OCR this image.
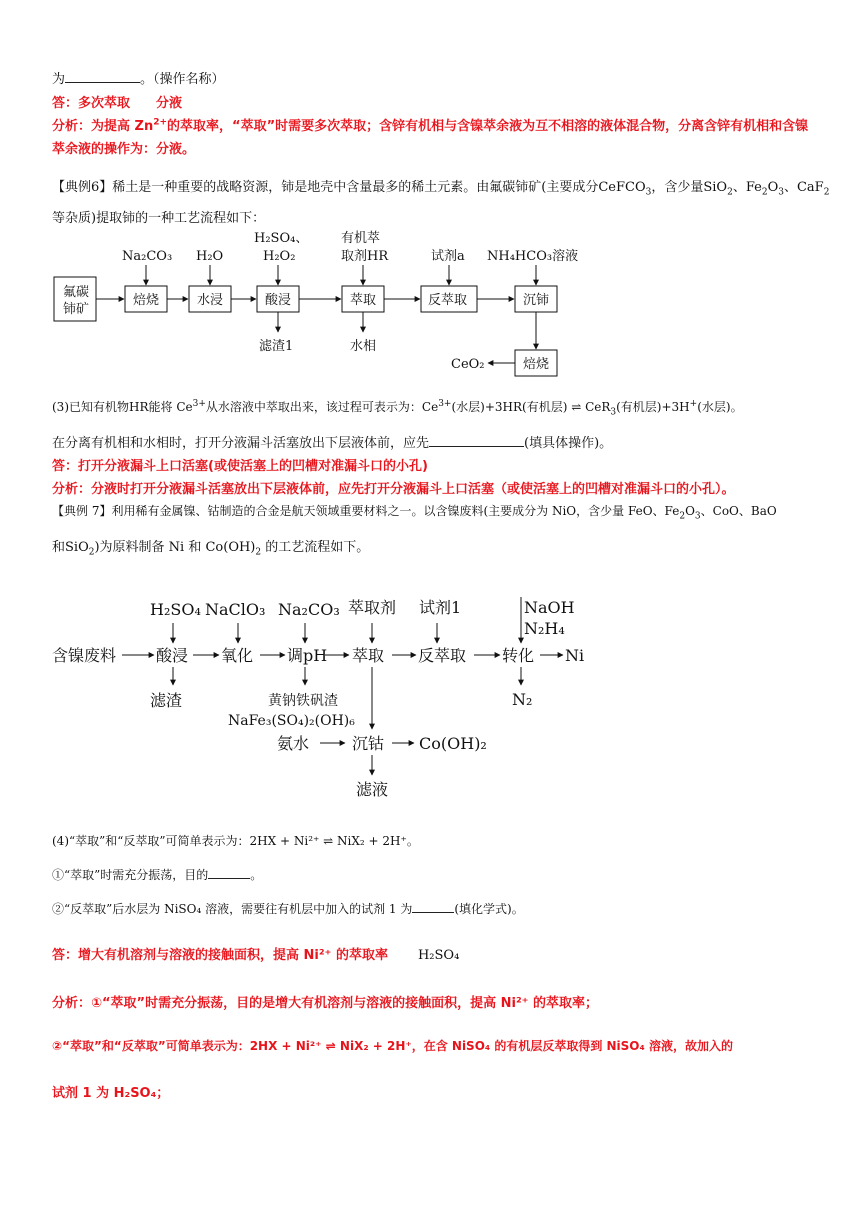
为	。（操作名称）
答：多次萃取　　分液
分析：为提高 $Zn^{2+}$的萃取率，“萃取”时需要多次萃取；含锌有机相与含镍萃余液为互不相溶的液体混合物，分离含锌有机相和含镍
萃余液的操作为：分液。
【典例6】稀土是一种重要的战略资源，铈是地壳中含量最多的稀土元素。由氟碳铈矿(主要成分CeFCO$_3$，含少量SiO$_2$、$Fe_2O_3$、CaF$_2$
等杂质)提取铈的一种工艺流程如下：
氟碳
铈矿
焙烧	水浸	酸浸	萃取	反萃取	沉铈
焙烧
Na₂CO₃ H₂O
H₂SO₄、
H₂O₂
有机萃
取剂HR	试剂a NH₄HCO₃溶液
滤渣1	水相
CeO₂
(3)已知有机物HR能将 $Ce^{3+}$从水溶液中萃取出来，该过程可表示为：$Ce^{3+}$(水层)+3HR(有机层) ⇌ CeR$_3$(有机层)+3H+(水层)。
在分离有机相和水相时，打开分液漏斗活塞放出下层液体前，应先	(填具体操作)。
答：打开分液漏斗上口活塞(或使活塞上的凹槽对准漏斗口的小孔)
分析：分液时打开分液漏斗活塞放出下层液体前，应先打开分液漏斗上口活塞（或使活塞上的凹槽对准漏斗口的小孔）。
【典例 7】利用稀有金属镍、钴制造的合金是航天领域重要材料之一。以含镍废料(主要成分为 NiO，含少量 FeO、$Fe_2O_3$、CoO、BaO
和SiO$_2$)为原料制备 Ni 和 $Co(OH)_2$ 的工艺流程如下。
含镍废料 酸浸 氧化 调pH 萃取 反萃取 转化 Ni
H₂SO₄ NaClO₃ Na₂CO₃ 萃取剂 试剂1	NaOH
N₂H₄
滤渣	黄钠铁矾渣
NaFe₃(SO₄)₂(OH)₆
N₂
氨水	沉钴 Co(OH)₂
滤液
(4)“萃取”和“反萃取”可简单表示为：2HX + Ni²⁺ ⇌ NiX₂ + 2H⁺。
①“萃取”时需充分振荡，目的	。
②“反萃取”后水层为 NiSO₄ 溶液，需要往有机层中加入的试剂 1 为	(填化学式)。
答：增大有机溶剂与溶液的接触面积，提高 Ni²⁺ 的萃取率 H₂SO₄
分析：①“萃取”时需充分振荡，目的是增大有机溶剂与溶液的接触面积，提高 Ni²⁺ 的萃取率；
②“萃取”和“反萃取”可简单表示为：2HX + Ni²⁺ ⇌ NiX₂ + 2H⁺，在含 NiSO₄ 的有机层反萃取得到 NiSO₄ 溶液，故加入的
试剂 1 为 H₂SO₄；
